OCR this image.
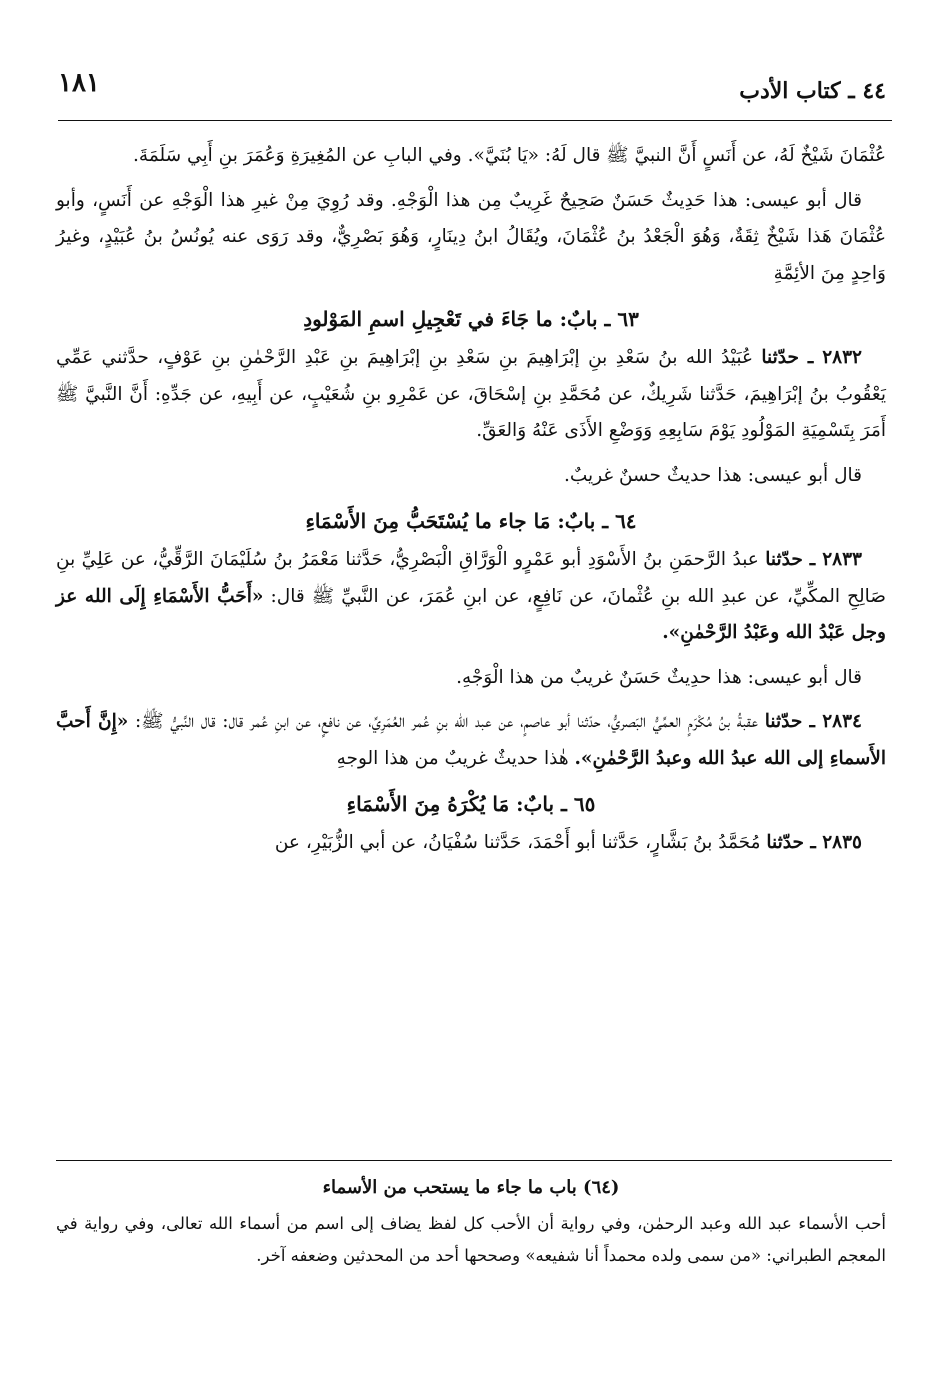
٤٤ ـ كتاب الأدب
١٨١

عُثْمَانَ شَيْخٌ لَهُ، عن أَنَسٍ أَنَّ النبيَّ ﷺ قال لَهُ: «يَا بُنَيَّ». وفي البابِ عن المُغِيرَةِ وَعُمَرَ بنِ أَبِي سَلَمَةَ.

قال أبو عيسى: هذا حَدِيثٌ حَسَنٌ صَحِيحٌ غَرِيبٌ مِن هذا الْوَجْهِ. وقد رُوِيَ مِنْ غيرِ هذا الْوَجْهِ عن أَنَسٍ، وأبو عُثْمَانَ هَذا شَيْخٌ ثِقَةٌ، وَهُوَ الْجَعْدُ بنُ عُثْمَانَ، ويُقَالُ ابنُ دِينَارٍ، وَهُوَ بَصْرِيٌّ، وقد رَوَى عنه يُونُسُ بنُ عُبَيْدٍ، وغيرُ وَاحِدٍ مِنَ الأئِمَّةِ

٦٣ ـ بابٌ: ما جَاءَ في تَعْجِيلِ اسمِ المَوْلودِ

٢٨٣٢ ـ حدّثنا عُبَيْدُ الله بنُ سَعْدِ بنِ إبْرَاهِيمَ بنِ سَعْدِ بنِ إبْرَاهِيمَ بنِ عَبْدِ الرَّحْمٰنِ بنِ عَوْفٍ، حدَّثني عَمِّي يَعْقُوبُ بنُ إبْرَاهِيمَ، حَدَّثنا شَرِيكٌ، عن مُحَمَّدِ بنِ إسْحَاقَ، عن عَمْرِو بنِ شُعَيْبٍ، عن أَبِيهِ، عن جَدِّهِ: أَنَّ النَّبيَّ ﷺ أَمَرَ بِتَسْمِيَةِ المَوْلُودِ يَوْمَ سَابِعِهِ وَوَضْعِ الأَذَى عَنْهُ وَالعَقِّ.

قال أبو عيسى: هذا حديثٌ حسنٌ غريبٌ.

٦٤ ـ بابٌ: مَا جاء ما يُسْتَحَبُّ مِنَ الأَسْمَاءِ

٢٨٣٣ ـ حدّثنا عبدُ الرَّحمَنِ بنُ الأَسْوَدِ أبو عَمْرٍو الْوَرَّاقِ الْبَصْرِيُّ، حَدَّثنا مَعْمَرُ بنُ سُلَيْمَانَ الرَّقِّيُّ، عن عَلِيِّ بنِ صَالِحِ المكِّيِّ، عن عبدِ الله بنِ عُثْمانَ، عن نَافِعٍ، عن ابنِ عُمَرَ، عن النَّبيِّ ﷺ قال: «أَحَبُّ الأَسْمَاءِ إِلَى الله عز وجل عَبْدُ الله وعَبْدُ الرَّحْمٰنِ».

قال أبو عيسى: هذا حدِيثٌ حَسَنٌ غريبٌ من هذا الْوَجْهِ.

٢٨٣٤ ـ حدّثنا عقبةُ بنُ مُكْرَمٍ العمِّيُّ البَصريُّ، حدّثنا أبو عاصمٍ، عن عبد الله بنِ عُمر العُمَرِيِّ، عن نافعٍ، عن ابنِ عُمر قال: قال النَّبيُّ ﷺ: «إِنَّ أَحبَّ الأَسماءِ إلى الله عبدُ الله وعبدُ الرَّحْمٰنِ». هٰذا حديثٌ غريبٌ من هذا الوجهِ

٦٥ ـ بابٌ: مَا يُكْرَهُ مِنَ الأَسْمَاءِ

٢٨٣٥ ـ حدّثنا مُحَمَّدُ بنُ بَشَّارٍ، حَدَّثنا أبو أَحْمَدَ، حَدَّثنا سُفْيَانُ، عن أبي الزُّبَيْرِ، عن

(٦٤) باب ما جاء ما يستحب من الأسماء

أحب الأسماء عبد الله وعبد الرحمٰن، وفي رواية أن الأحب كل لفظ يضاف إلى اسم من أسماء الله تعالى، وفي رواية في المعجم الطبراني: «من سمى ولده محمداً أنا شفيعه» وصححها أحد من المحدثين وضعفه آخر.
